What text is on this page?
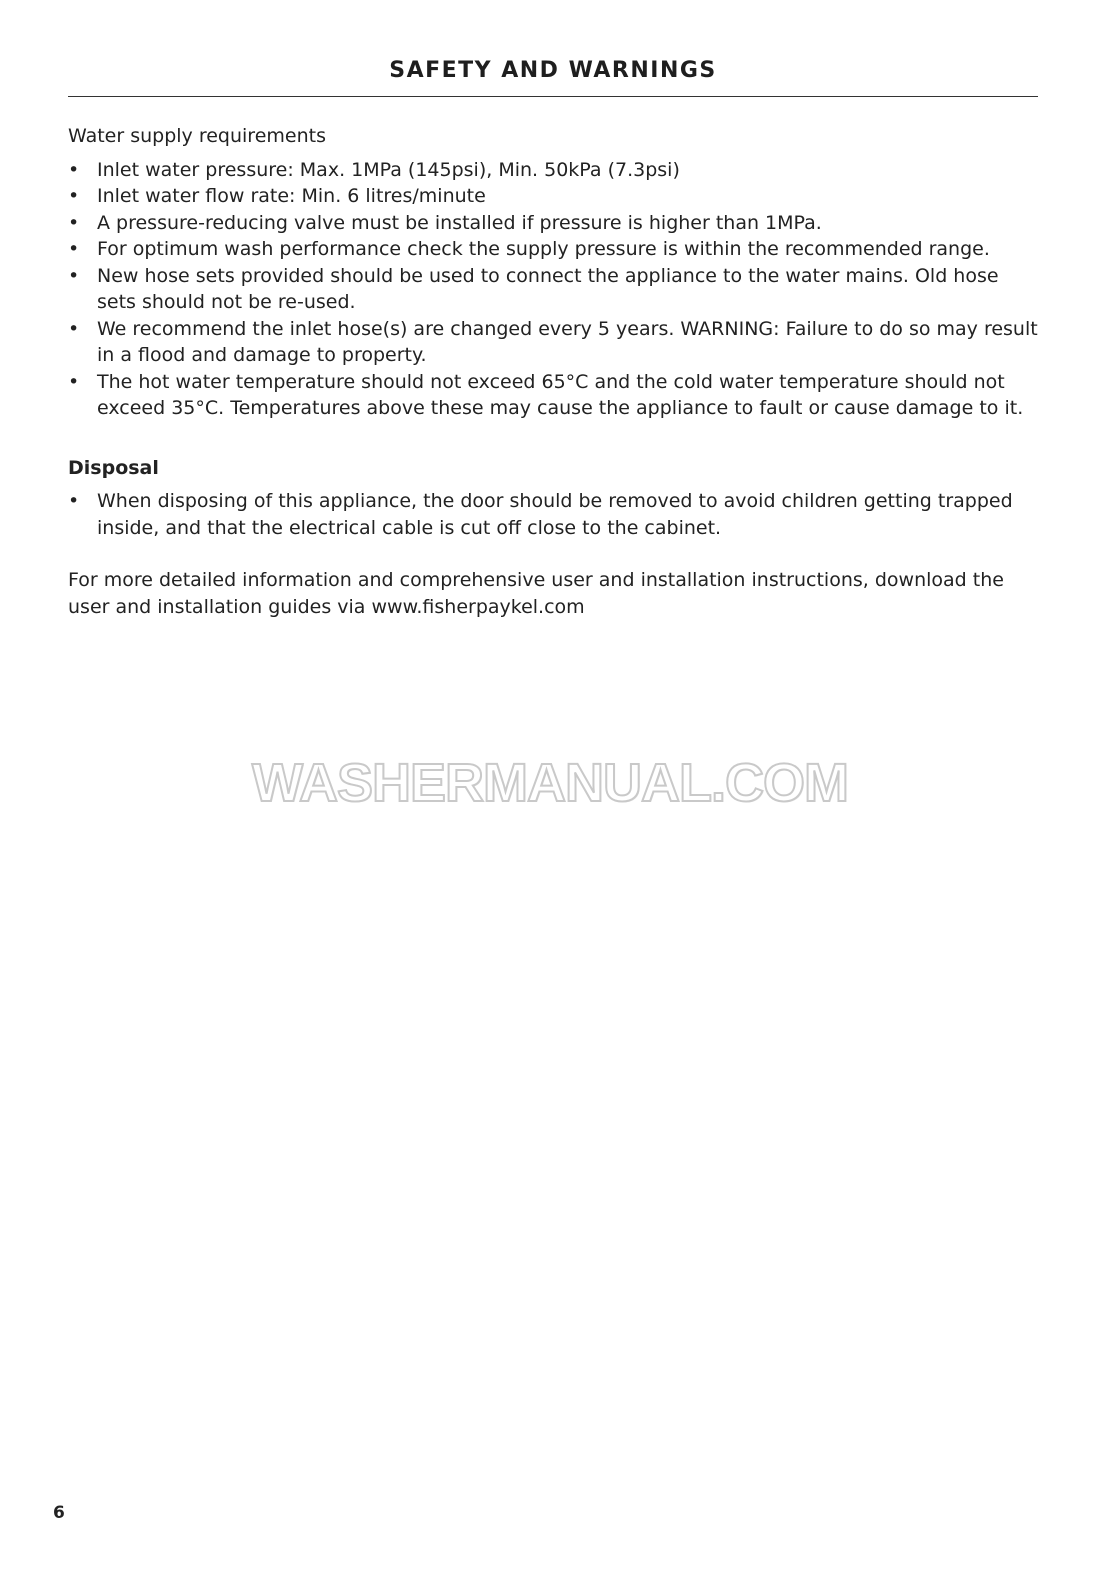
SAFETY AND WARNINGS
Water supply requirements
• Inlet water pressure: Max. 1MPa (145psi), Min. 50kPa (7.3psi)
• Inlet water flow rate: Min. 6 litres/minute
• A pressure-reducing valve must be installed if pressure is higher than 1MPa.
• For optimum wash performance check the supply pressure is within the recommended range.
• New hose sets provided should be used to connect the appliance to the water mains. Old hose sets should not be re-used.
• We recommend the inlet hose(s) are changed every 5 years. WARNING: Failure to do so may result in a flood and damage to property.
• The hot water temperature should not exceed 65°C and the cold water temperature should not exceed 35°C. Temperatures above these may cause the appliance to fault or cause damage to it.
Disposal
• When disposing of this appliance, the door should be removed to avoid children getting trapped inside, and that the electrical cable is cut off close to the cabinet.

For more detailed information and comprehensive user and installation instructions, download the user and installation guides via www.fisherpaykel.com

WASHERMANUAL.COM
6
